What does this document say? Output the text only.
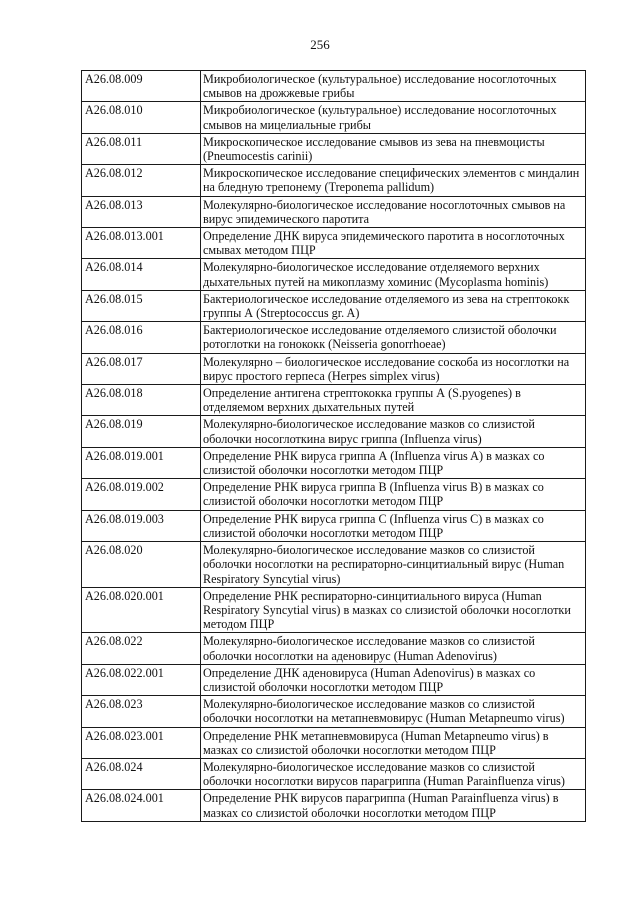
256
A26.08.009	Микробиологическое (культуральное) исследование носоглоточных смывов на дрожжевые грибы
A26.08.010	Микробиологическое (культуральное) исследование носоглоточных смывов на мицелиальные грибы
A26.08.011	Микроскопическое исследование смывов из зева на пневмоцисты (Pneumocestis carinii)
A26.08.012	Микроскопическое исследование специфических элементов с миндалин на бледную трепонему (Treponema pallidum)
A26.08.013	Молекулярно-биологическое исследование носоглоточных смывов на вирус эпидемического паротита
A26.08.013.001	Определение ДНК вируса эпидемического паротита в носоглоточных смывах методом ПЦР
A26.08.014	Молекулярно-биологическое исследование отделяемого верхних дыхательных путей на микоплазму хоминис (Mycoplasma hominis)
A26.08.015	Бактериологическое исследование отделяемого из зева на стрептококк группы А (Streptococcus gr. A)
A26.08.016	Бактериологическое исследование отделяемого слизистой оболочки ротоглотки на гонококк (Neisseria gonorrhoeae)
A26.08.017	Молекулярно – биологическое исследование соскоба из носоглотки на вирус простого герпеса (Herpes simplex virus)
A26.08.018	Определение антигена стрептококка группы А (S.pyogenes) в отделяемом верхних дыхательных путей
A26.08.019	Молекулярно-биологическое исследование мазков со слизистой оболочки носоглоткина вирус гриппа (Influenza virus)
A26.08.019.001	Определение РНК вируса гриппа А (Influenza virus A) в мазках со слизистой оболочки носоглотки методом ПЦР
A26.08.019.002	Определение РНК вируса гриппа В (Influenza virus B) в мазках со слизистой оболочки носоглотки методом ПЦР
A26.08.019.003	Определение РНК вируса гриппа С (Influenza virus C) в мазках со слизистой оболочки носоглотки методом ПЦР
A26.08.020	Молекулярно-биологическое исследование мазков со слизистой оболочки носоглотки на респираторно-синцитиальный вирус (Human Respiratory Syncytial virus)
A26.08.020.001	Определение РНК респираторно-синцитиального вируса (Human Respiratory Syncytial virus) в мазках со слизистой оболочки носоглотки методом ПЦР
A26.08.022	Молекулярно-биологическое исследование мазков со слизистой оболочки носоглотки на аденовирус (Human Adenovirus)
A26.08.022.001	Определение ДНК аденовируса (Human Adenovirus) в мазках со слизистой оболочки носоглотки методом ПЦР
A26.08.023	Молекулярно-биологическое исследование мазков со слизистой оболочки носоглотки на метапневмовирус (Human Metapneumo virus)
A26.08.023.001	Определение РНК метапневмовируса (Human Metapneumo virus) в мазках со слизистой оболочки носоглотки методом ПЦР
A26.08.024	Молекулярно-биологическое исследование мазков со слизистой оболочки носоглотки вирусов парагриппа (Human Parainfluenza virus)
A26.08.024.001	Определение РНК вирусов парагриппа (Human Parainfluenza virus) в мазках со слизистой оболочки носоглотки методом ПЦР
